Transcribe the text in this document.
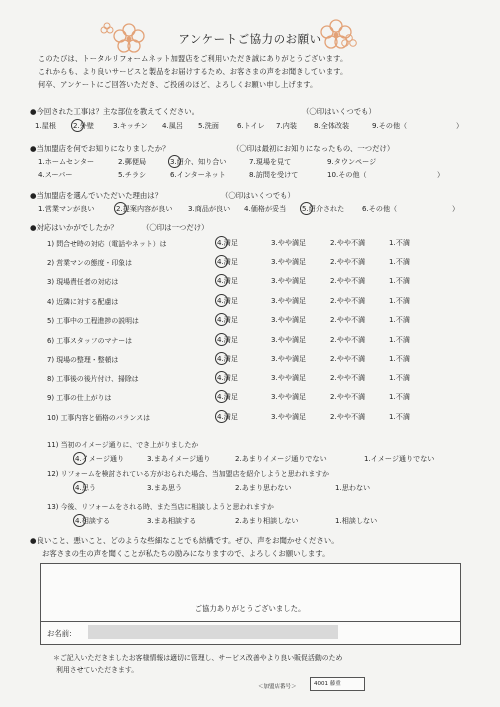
アンケートご協力のお願い
このたびは、トータルリフォームネット加盟店をご利用いただき誠にありがとうございます。
これからも、より良いサービスと製品をお届けするため、お客さまの声をお聞きしています。
何卒、アンケートにご回答いただき、ご投函のほど、よろしくお願い申し上げます。
●今回された工事は？主な部位を教えてください。	（〇印はいくつでも）
1.屋根 2.外壁	3.キッチン 4.風呂 5.洗面	6.トイレ 7.内装 8.全体改装	9.その他（	）
●当加盟店を何でお知りになりましたか？	（〇印は最初にお知りになったもの、一つだけ）
1.ホームセンター	2.郵便局	3.紹介、知り合い	7.現場を見て	9.タウンページ
4.スーパー	5.チラシ	6.インターネット	8.訪問を受けて	10.その他（	）
●当加盟店を選んでいただいた理由は？	（〇印はいくつでも）
1.営業マンが良い	2.提案内容が良い 3.商品が良い 4.価格が妥当 5.紹介された	6.その他（	）
●対応はいかがでしたか？	（〇印は一つだけ）
1) 問合せ時の対応（電話やネット）は	4.満足	3.やや満足	2.やや不満	1.不満
2) 営業マンの態度・印象は	4.満足	3.やや満足	2.やや不満	1.不満
3) 現場責任者の対応は	4.満足	3.やや満足	2.やや不満	1.不満
4) 近隣に対する配慮は	4.満足	3.やや満足	2.やや不満	1.不満
5) 工事中の工程進捗の説明は	4.満足	3.やや満足	2.やや不満	1.不満
6) 工事スタッフのマナーは	4.満足	3.やや満足	2.やや不満	1.不満
7) 現場の整理・整頓は	4.満足	3.やや満足	2.やや不満	1.不満
8) 工事後の後片付け、掃除は	4.満足	3.やや満足	2.やや不満	1.不満
9) 工事の仕上がりは	4.満足	3.やや満足	2.やや不満	1.不満
10) 工事内容と価格のバランスは	4.満足	3.やや満足	2.やや不満	1.不満
11) 当初のイメージ通りに、でき上がりましたか
4.イメージ通り	3.まあイメージ通り	2.あまりイメージ通りでない	1.イメージ通りでない
12) リフォームを検討されている方がおられた場合、当加盟店を紹介しようと思われますか
4.思う	3.まあ思う	2.あまり思わない	1.思わない
13) 今後、リフォームをされる時、また当店に相談しようと思われますか
4.相談する	3.まあ相談する	2.あまり相談しない	1.相談しない
●良いこと、悪いこと、どのような些細なことでも結構です。ぜひ、声をお聞かせください。
お客さまの生の声を聞くことが私たちの励みになりますので、よろしくお願いします。
ご協力ありがとうございました。
お名前:
＊ご記入いただきましたお客様情報は適切に管理し、サービス改善やより良い販促活動のため
利用させていただきます。
＜加盟店番号＞	4001 藤重
